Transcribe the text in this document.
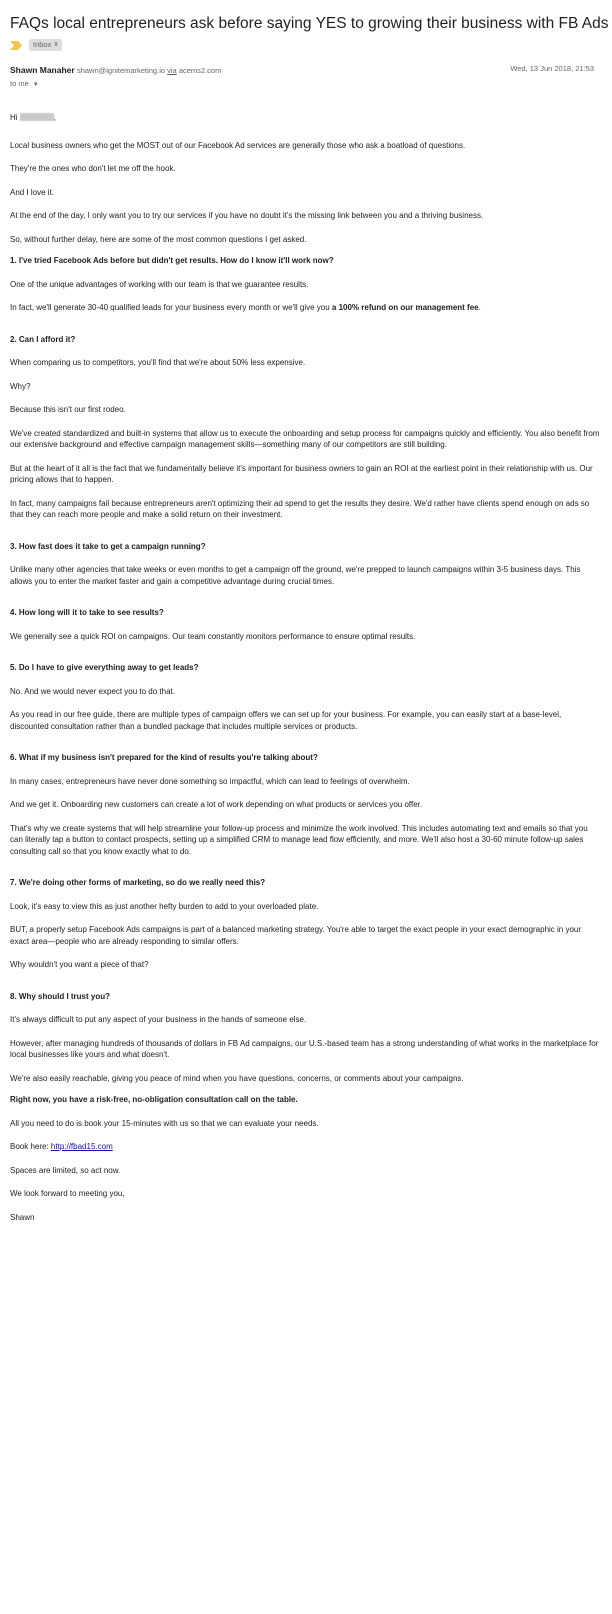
FAQs local entrepreneurs ask before saying YES to growing their business with FB Ads
Inbox x
Shawn Manaher shawn@ignitemarketing.io via acems2.com
to me ▼
Wed, 13 Jun 2018, 21:53

Hi	,

Local business owners who get the MOST out of our Facebook Ad services are generally those who ask a boatload of questions.

They're the ones who don't let me off the hook.

And I love it.

At the end of the day, I only want you to try our services if you have no doubt it's the missing link between you and a thriving business.

So, without further delay, here are some of the most common questions I get asked.

1. I've tried Facebook Ads before but didn't get results. How do I know it'll work now?

One of the unique advantages of working with our team is that we guarantee results.

In fact, we'll generate 30-40 qualified leads for your business every month or we'll give you a 100% refund on our management fee.

2. Can I afford it?

When comparing us to competitors, you'll find that we're about 50% less expensive.

Why?

Because this isn't our first rodeo.

We've created standardized and built-in systems that allow us to execute the onboarding and setup process for campaigns quickly and efficiently. You also benefit from our extensive background and effective campaign management skills—something many of our competitors are still building.

But at the heart of it all is the fact that we fundamentally believe it's important for business owners to gain an ROI at the earliest point in their relationship with us. Our pricing allows that to happen.

In fact, many campaigns fail because entrepreneurs aren't optimizing their ad spend to get the results they desire. We'd rather have clients spend enough on ads so that they can reach more people and make a solid return on their investment.

3. How fast does it take to get a campaign running?

Unlike many other agencies that take weeks or even months to get a campaign off the ground, we're prepped to launch campaigns within 3-5 business days. This allows you to enter the market faster and gain a competitive advantage during crucial times.

4. How long will it to take to see results?

We generally see a quick ROI on campaigns. Our team constantly monitors performance to ensure optimal results.

5. Do I have to give everything away to get leads?

No. And we would never expect you to do that.

As you read in our free guide, there are multiple types of campaign offers we can set up for your business. For example, you can easily start at a base-level, discounted consultation rather than a bundled package that includes multiple services or products.

6. What if my business isn't prepared for the kind of results you're talking about?

In many cases, entrepreneurs have never done something so impactful, which can lead to feelings of overwhelm.

And we get it. Onboarding new customers can create a lot of work depending on what products or services you offer.

That's why we create systems that will help streamline your follow-up process and minimize the work involved. This includes automating text and emails so that you can literally tap a button to contact prospects, setting up a simplified CRM to manage lead flow efficiently, and more. We'll also host a 30-60 minute follow-up sales consulting call so that you know exactly what to do.

7. We're doing other forms of marketing, so do we really need this?

Look, it's easy to view this as just another hefty burden to add to your overloaded plate.

BUT, a properly setup Facebook Ads campaigns is part of a balanced marketing strategy. You're able to target the exact people in your exact demographic in your exact area—people who are already responding to similar offers.

Why wouldn't you want a piece of that?

8. Why should I trust you?

It's always difficult to put any aspect of your business in the hands of someone else.

However, after managing hundreds of thousands of dollars in FB Ad campaigns, our U.S.-based team has a strong understanding of what works in the marketplace for local businesses like yours and what doesn't.

We're also easily reachable, giving you peace of mind when you have questions, concerns, or comments about your campaigns.

Right now, you have a risk-free, no-obligation consultation call on the table.

All you need to do is book your 15-minutes with us so that we can evaluate your needs.

Book here: http://fbad15.com

Spaces are limited, so act now.

We look forward to meeting you,

Shawn
